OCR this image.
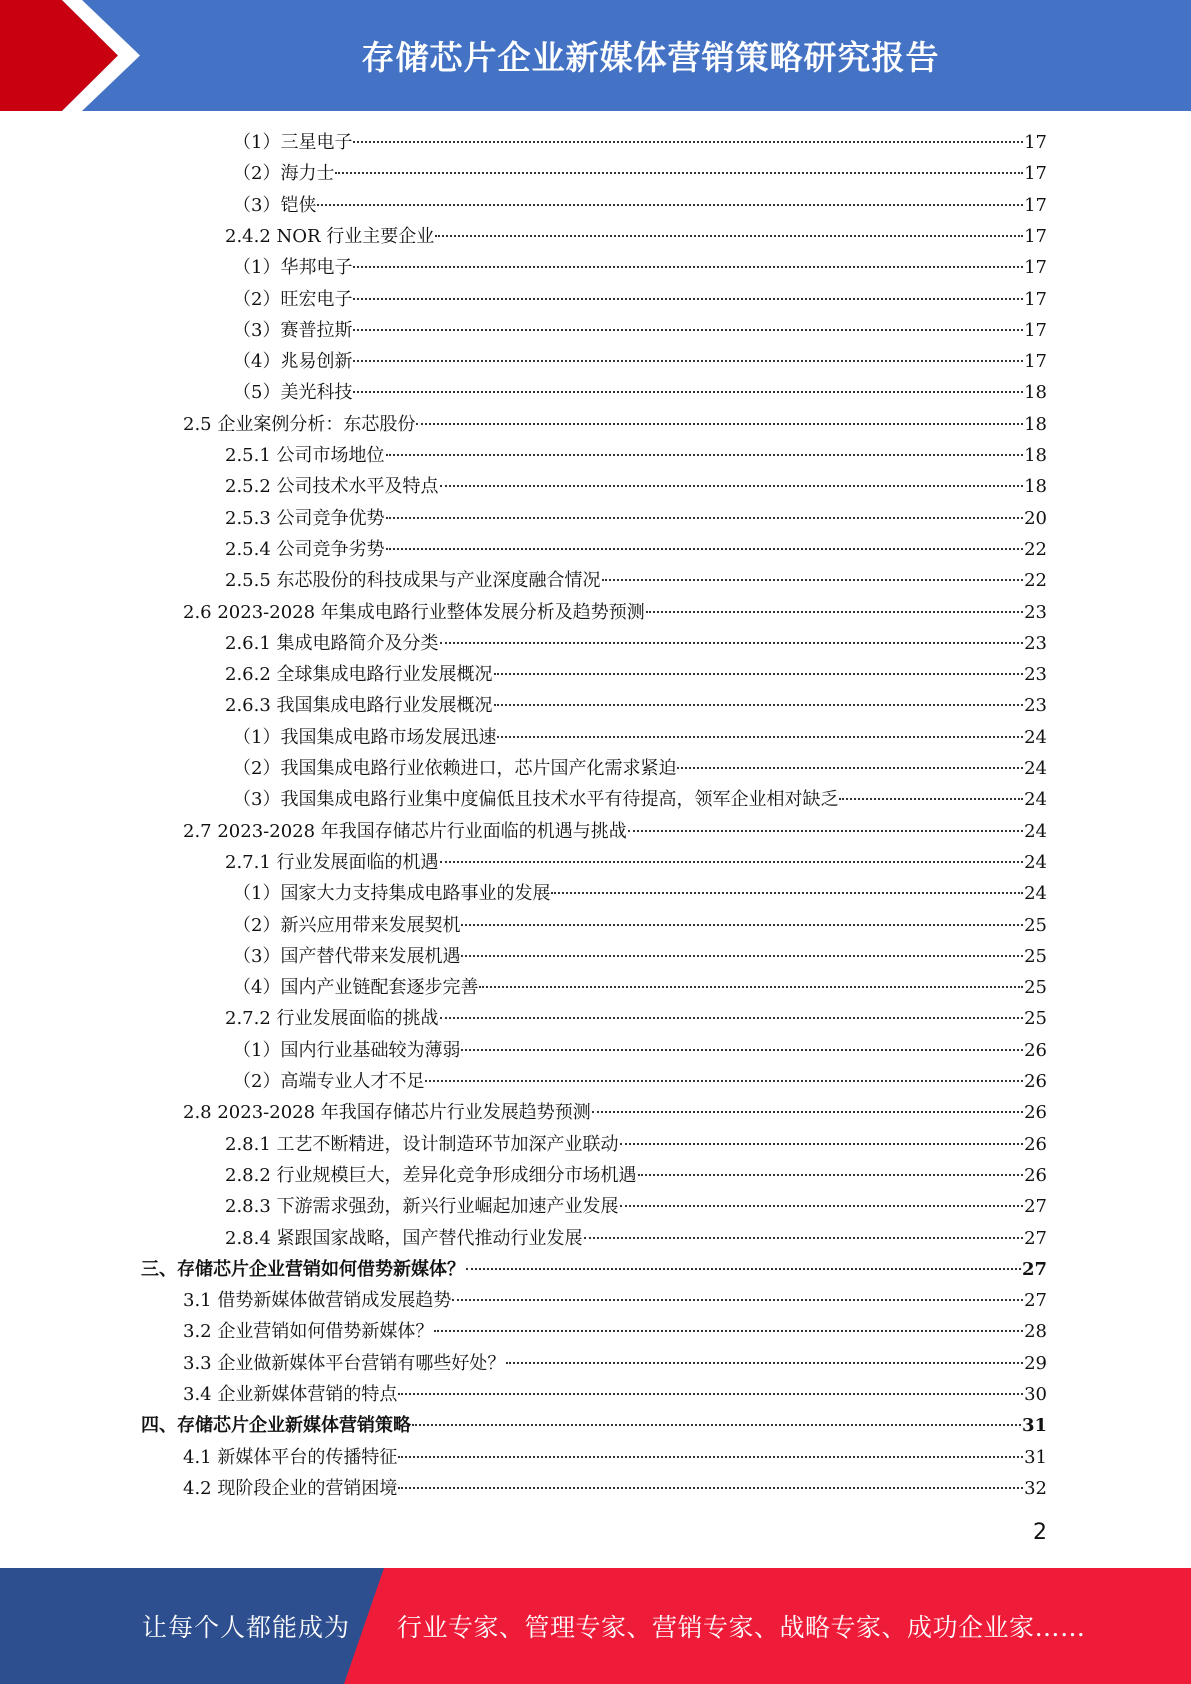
存储芯片企业新媒体营销策略研究报告
（1）三星电子	17
（2）海力士	17
（3）铠侠	17
2.4.2 NOR 行业主要企业	17
（1）华邦电子	17
（2）旺宏电子	17
（3）赛普拉斯	17
（4）兆易创新	17
（5）美光科技	18
2.5 企业案例分析：东芯股份	18
2.5.1 公司市场地位	18
2.5.2 公司技术水平及特点	18
2.5.3 公司竞争优势	20
2.5.4 公司竞争劣势	22
2.5.5 东芯股份的科技成果与产业深度融合情况	22
2.6 2023-2028 年集成电路行业整体发展分析及趋势预测	23
2.6.1 集成电路简介及分类	23
2.6.2 全球集成电路行业发展概况	23
2.6.3 我国集成电路行业发展概况	23
（1）我国集成电路市场发展迅速	24
（2）我国集成电路行业依赖进口，芯片国产化需求紧迫	24
（3）我国集成电路行业集中度偏低且技术水平有待提高，领军企业相对缺乏	24
2.7 2023-2028 年我国存储芯片行业面临的机遇与挑战	24
2.7.1 行业发展面临的机遇	24
（1）国家大力支持集成电路事业的发展	24
（2）新兴应用带来发展契机	25
（3）国产替代带来发展机遇	25
（4）国内产业链配套逐步完善	25
2.7.2 行业发展面临的挑战	25
（1）国内行业基础较为薄弱	26
（2）高端专业人才不足	26
2.8 2023-2028 年我国存储芯片行业发展趋势预测	26
2.8.1 工艺不断精进，设计制造环节加深产业联动	26
2.8.2 行业规模巨大，差异化竞争形成细分市场机遇	26
2.8.3 下游需求强劲，新兴行业崛起加速产业发展	27
2.8.4 紧跟国家战略，国产替代推动行业发展	27
三、存储芯片企业营销如何借势新媒体？	27
3.1 借势新媒体做营销成发展趋势	27
3.2 企业营销如何借势新媒体？	28
3.3 企业做新媒体平台营销有哪些好处？	29
3.4 企业新媒体营销的特点	30
四、存储芯片企业新媒体营销策略	31
4.1 新媒体平台的传播特征	31
4.2 现阶段企业的营销困境	32
2
让每个人都能成为 行业专家、管理专家、营销专家、战略专家、成功企业家……
